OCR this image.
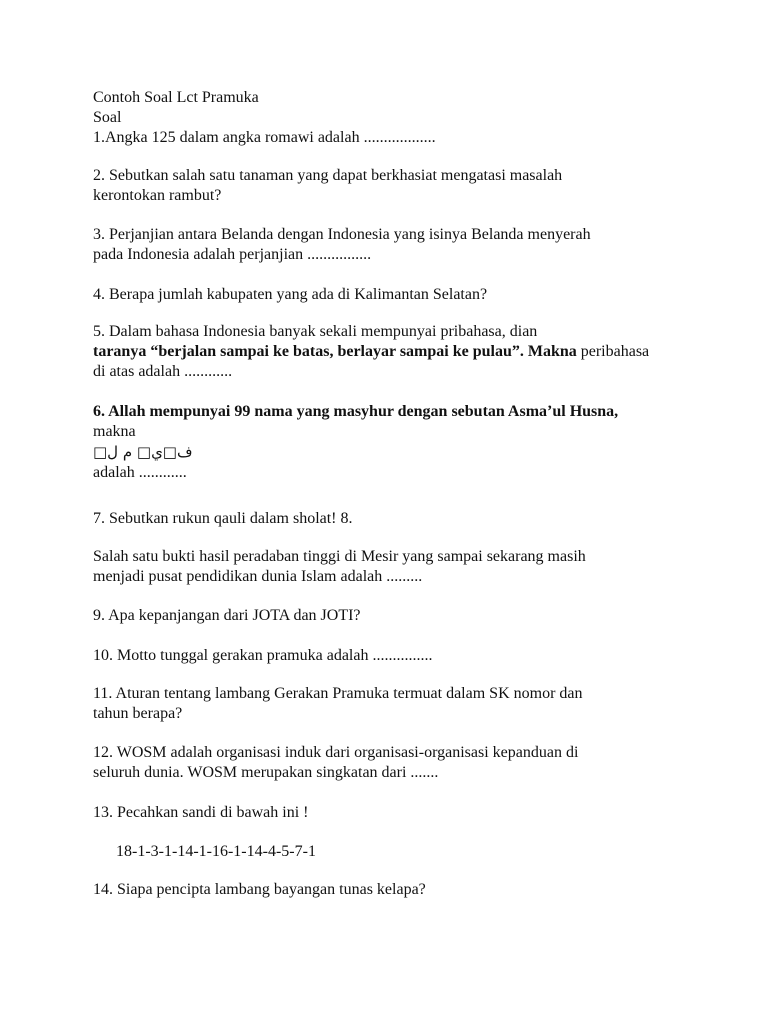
Contoh Soal Lct Pramuka
Soal
1.Angka 125 dalam angka romawi adalah ..................
2. Sebutkan salah satu tanaman yang dapat berkhasiat mengatasi masalah
kerontokan rambut?
3. Perjanjian antara Belanda dengan Indonesia yang isinya Belanda menyerah
pada Indonesia adalah perjanjian ................
4. Berapa jumlah kabupaten yang ada di Kalimantan Selatan?
5. Dalam bahasa Indonesia banyak sekali mempunyai pribahasa, dian
taranya “berjalan sampai ke batas, berlayar sampai ke pulau”. Makna peribahasa
di atas adalah ............
6. Allah mempunyai 99 nama yang masyhur dengan sebutan Asma’ul Husna,
makna
ف□ي□ م ل□
adalah ............
7. Sebutkan rukun qauli dalam sholat! 8.
Salah satu bukti hasil peradaban tinggi di Mesir yang sampai sekarang masih
menjadi pusat pendidikan dunia Islam adalah .........
9. Apa kepanjangan dari JOTA dan JOTI?
10. Motto tunggal gerakan pramuka adalah ...............
11. Aturan tentang lambang Gerakan Pramuka termuat dalam SK nomor dan
tahun berapa?
12. WOSM adalah organisasi induk dari organisasi-organisasi kepanduan di
seluruh dunia. WOSM merupakan singkatan dari .......
13. Pecahkan sandi di bawah ini !
18-1-3-1-14-1-16-1-14-4-5-7-1
14. Siapa pencipta lambang bayangan tunas kelapa?
